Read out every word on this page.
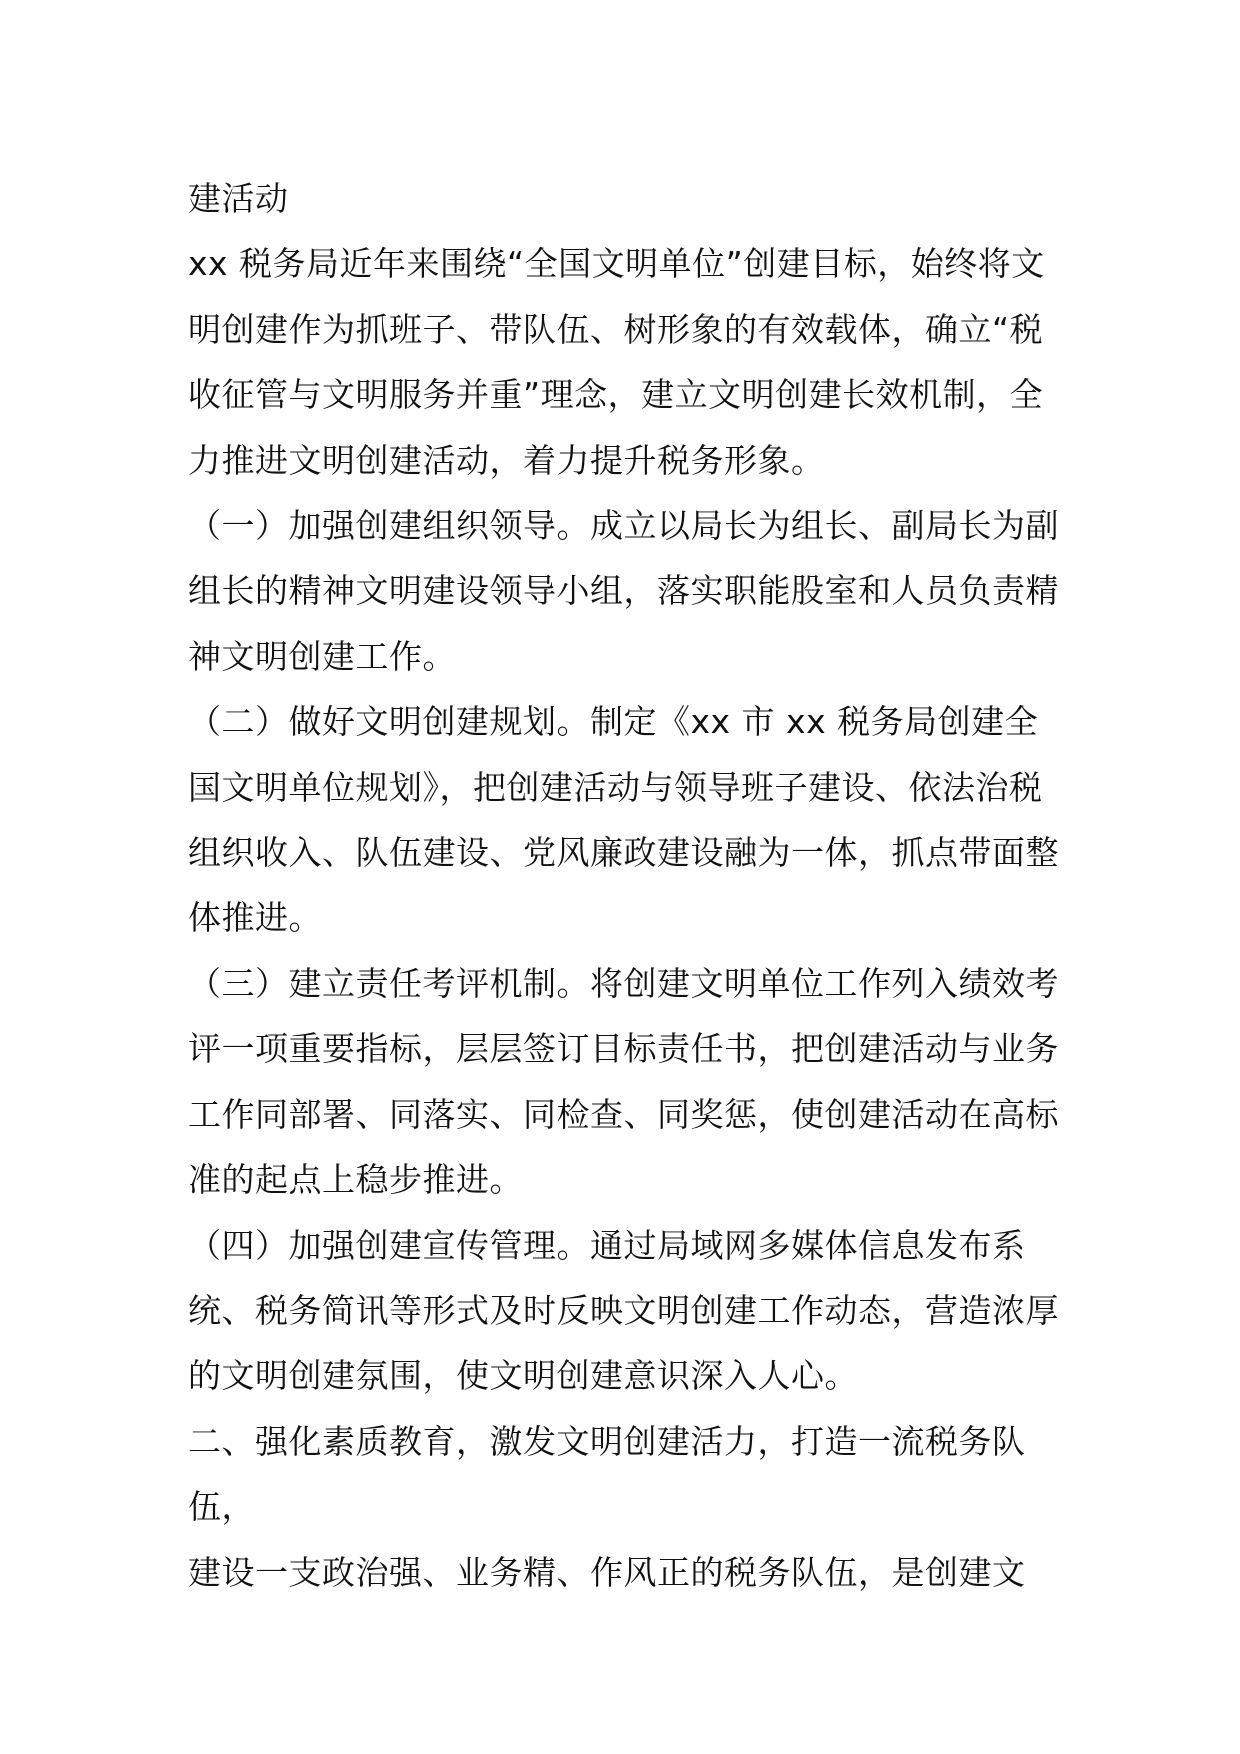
建活动

xx 税务局近年来围绕“全国文明单位”创建目标，始终将文明创建作为抓班子、带队伍、树形象的有效载体，确立“税收征管与文明服务并重”理念，建立文明创建长效机制，全力推进文明创建活动，着力提升税务形象。

（一）加强创建组织领导。成立以局长为组长、副局长为副组长的精神文明建设领导小组，落实职能股室和人员负责精神文明创建工作。

（二）做好文明创建规划。制定《xx 市 xx 税务局创建全国文明单位规划》，把创建活动与领导班子建设、依法治税组织收入、队伍建设、党风廉政建设融为一体，抓点带面整体推进。

（三）建立责任考评机制。将创建文明单位工作列入绩效考评一项重要指标，层层签订目标责任书，把创建活动与业务工作同部署、同落实、同检查、同奖惩，使创建活动在高标准的起点上稳步推进。

（四）加强创建宣传管理。通过局域网多媒体信息发布系统、税务简讯等形式及时反映文明创建工作动态，营造浓厚的文明创建氛围，使文明创建意识深入人心。

二、强化素质教育，激发文明创建活力，打造一流税务队伍，

建设一支政治强、业务精、作风正的税务队伍，是创建文
